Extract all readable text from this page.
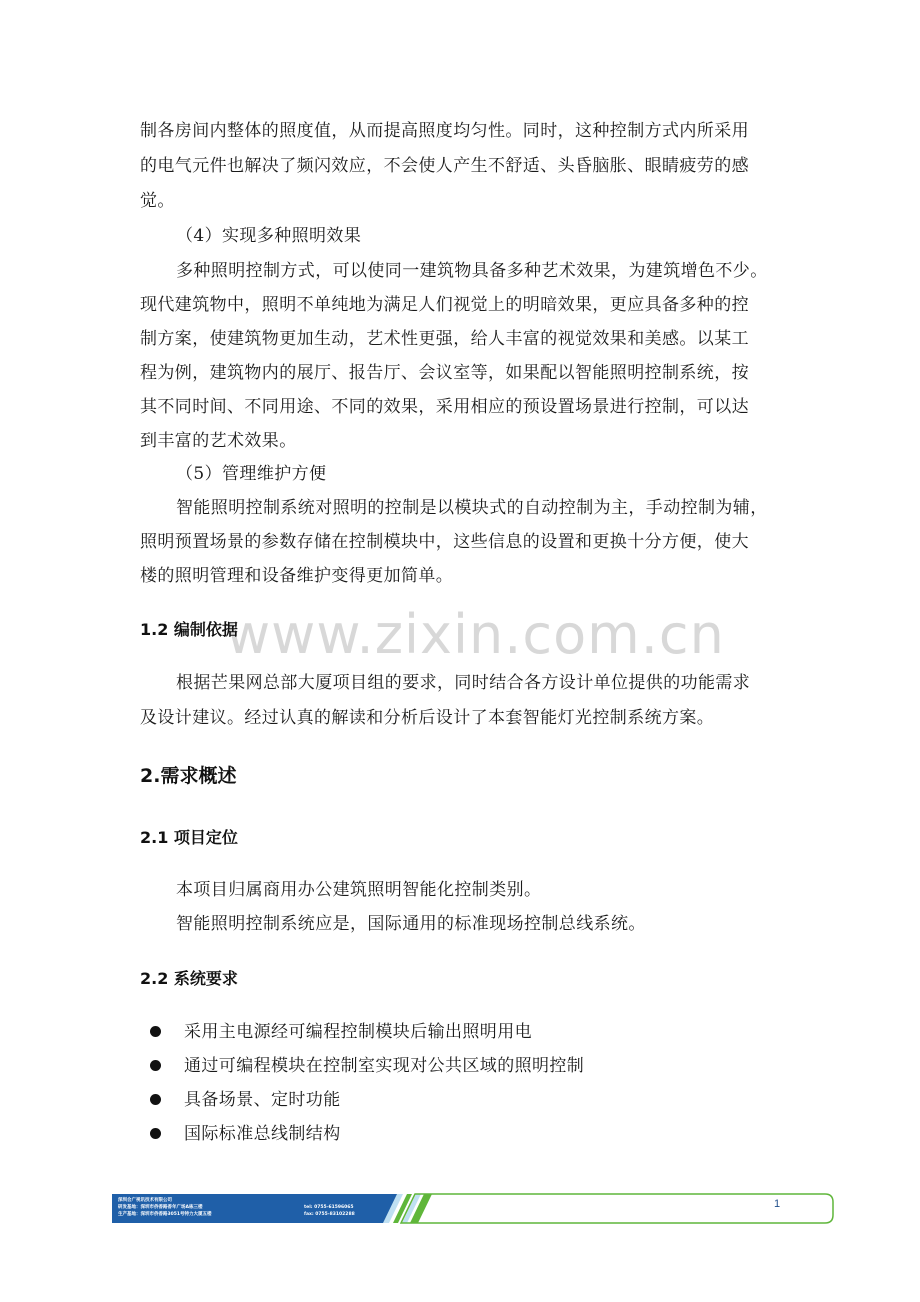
www.zixin.com.cn

制各房间内整体的照度值，从而提高照度均匀性。同时，这种控制方式内所采用

的电气元件也解决了频闪效应，不会使人产生不舒适、头昏脑胀、眼睛疲劳的感

觉。

（4）实现多种照明效果

多种照明控制方式，可以使同一建筑物具备多种艺术效果，为建筑增色不少。

现代建筑物中，照明不单纯地为满足人们视觉上的明暗效果，更应具备多种的控

制方案，使建筑物更加生动，艺术性更强，给人丰富的视觉效果和美感。以某工

程为例，建筑物内的展厅、报告厅、会议室等，如果配以智能照明控制系统，按

其不同时间、不同用途、不同的效果，采用相应的预设置场景进行控制，可以达

到丰富的艺术效果。

（5）管理维护方便

智能照明控制系统对照明的控制是以模块式的自动控制为主，手动控制为辅，

照明预置场景的参数存储在控制模块中，这些信息的设置和更换十分方便，使大

楼的照明管理和设备维护变得更加简单。

1.2 编制依据

根据芒果网总部大厦项目组的要求，同时结合各方设计单位提供的功能需求

及设计建议。经过认真的解读和分析后设计了本套智能灯光控制系统方案。

2.需求概述
2.1 项目定位

本项目归属商用办公建筑照明智能化控制类别。

智能照明控制系统应是，国际通用的标准现场控制总线系统。

2.2 系统要求
采用主电源经可编程控制模块后输出照明用电
通过可编程模块在控制室实现对公共区域的照明控制
具备场景、定时功能
国际标准总线制结构
深圳合广视讯技术有限公司
研发基地：深圳市侨香路香年广场A栋三楼
生产基地：深圳市侨香路3051号特力大厦五楼
tel: 0755-61596065
fax: 0755-83102288
1
